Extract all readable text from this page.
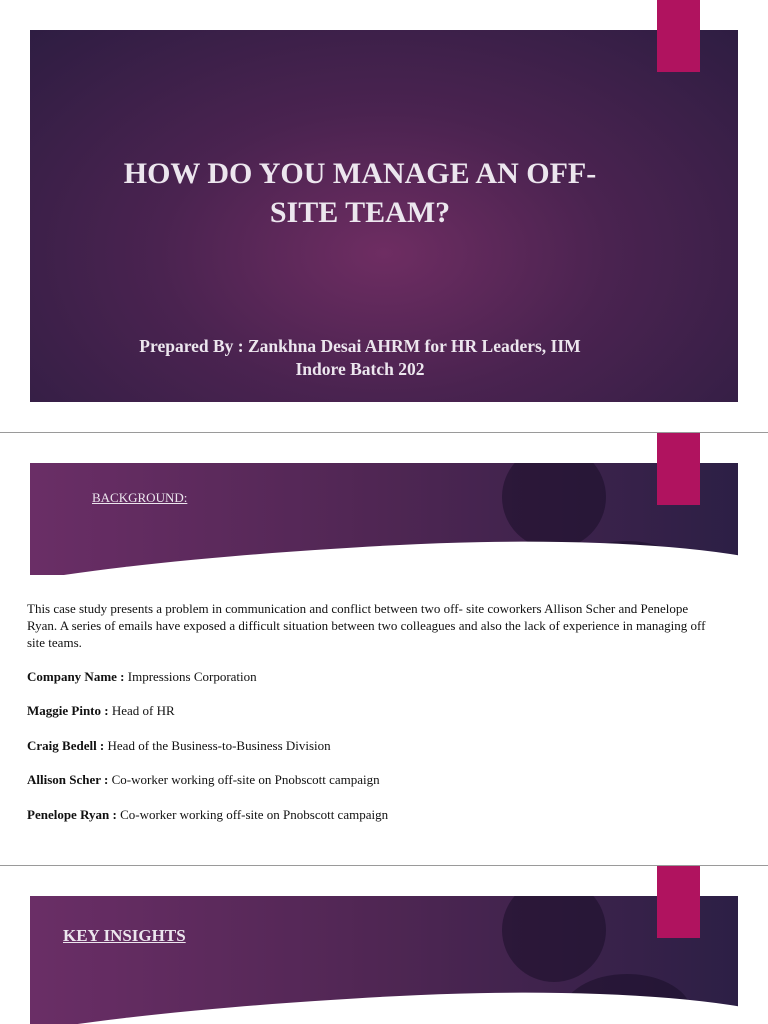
HOW DO YOU MANAGE AN OFF-SITE TEAM?

Prepared By : Zankhna Desai AHRM for HR Leaders, IIM Indore Batch 202

BACKGROUND:

This case study presents a problem in communication and conflict between two off- site coworkers Allison Scher and Penelope Ryan. A series of emails have exposed a difficult situation between two colleagues and also the lack of experience in managing off site teams.

Company Name : Impressions Corporation

Maggie Pinto : Head of HR

Craig Bedell : Head of the Business-to-Business Division

Allison Scher : Co-worker working off-site on Pnobscott campaign

Penelope Ryan : Co-worker working off-site on Pnobscott campaign

KEY INSIGHTS
